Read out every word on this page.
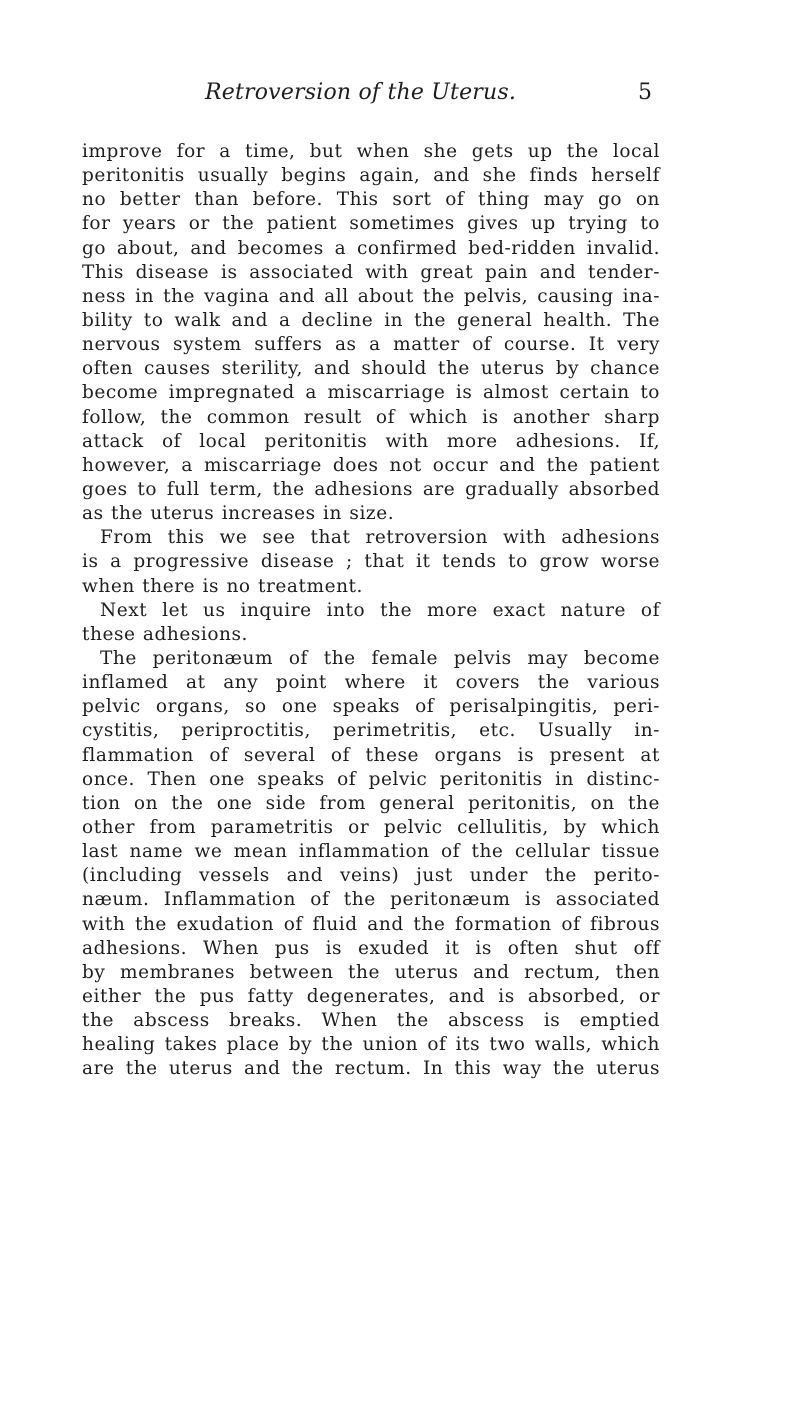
Retroversion of the Uterus.	5
improve for a time, but when she gets up the local
peritonitis usually begins again, and she finds herself
no better than before. This sort of thing may go on
for years or the patient sometimes gives up trying to
go about, and becomes a confirmed bed-ridden invalid.
This disease is associated with great pain and tender-
ness in the vagina and all about the pelvis, causing ina-
bility to walk and a decline in the general health. The
nervous system suffers as a matter of course. It very
often causes sterility, and should the uterus by chance
become impregnated a miscarriage is almost certain to
follow, the common result of which is another sharp
attack of local peritonitis with more adhesions. If,
however, a miscarriage does not occur and the patient
goes to full term, the adhesions are gradually absorbed
as the uterus increases in size.
From this we see that retroversion with adhesions
is a progressive disease ; that it tends to grow worse
when there is no treatment.
Next let us inquire into the more exact nature of
these adhesions.
The peritonæum of the female pelvis may become
inflamed at any point where it covers the various
pelvic organs, so one speaks of perisalpingitis, peri-
cystitis, periproctitis, perimetritis, etc. Usually in-
flammation of several of these organs is present at
once. Then one speaks of pelvic peritonitis in distinc-
tion on the one side from general peritonitis, on the
other from parametritis or pelvic cellulitis, by which
last name we mean inflammation of the cellular tissue
(including vessels and veins) just under the perito-
næum. Inflammation of the peritonæum is associated
with the exudation of fluid and the formation of fibrous
adhesions. When pus is exuded it is often shut off
by membranes between the uterus and rectum, then
either the pus fatty degenerates, and is absorbed, or
the abscess breaks. When the abscess is emptied
healing takes place by the union of its two walls, which
are the uterus and the rectum. In this way the uterus
